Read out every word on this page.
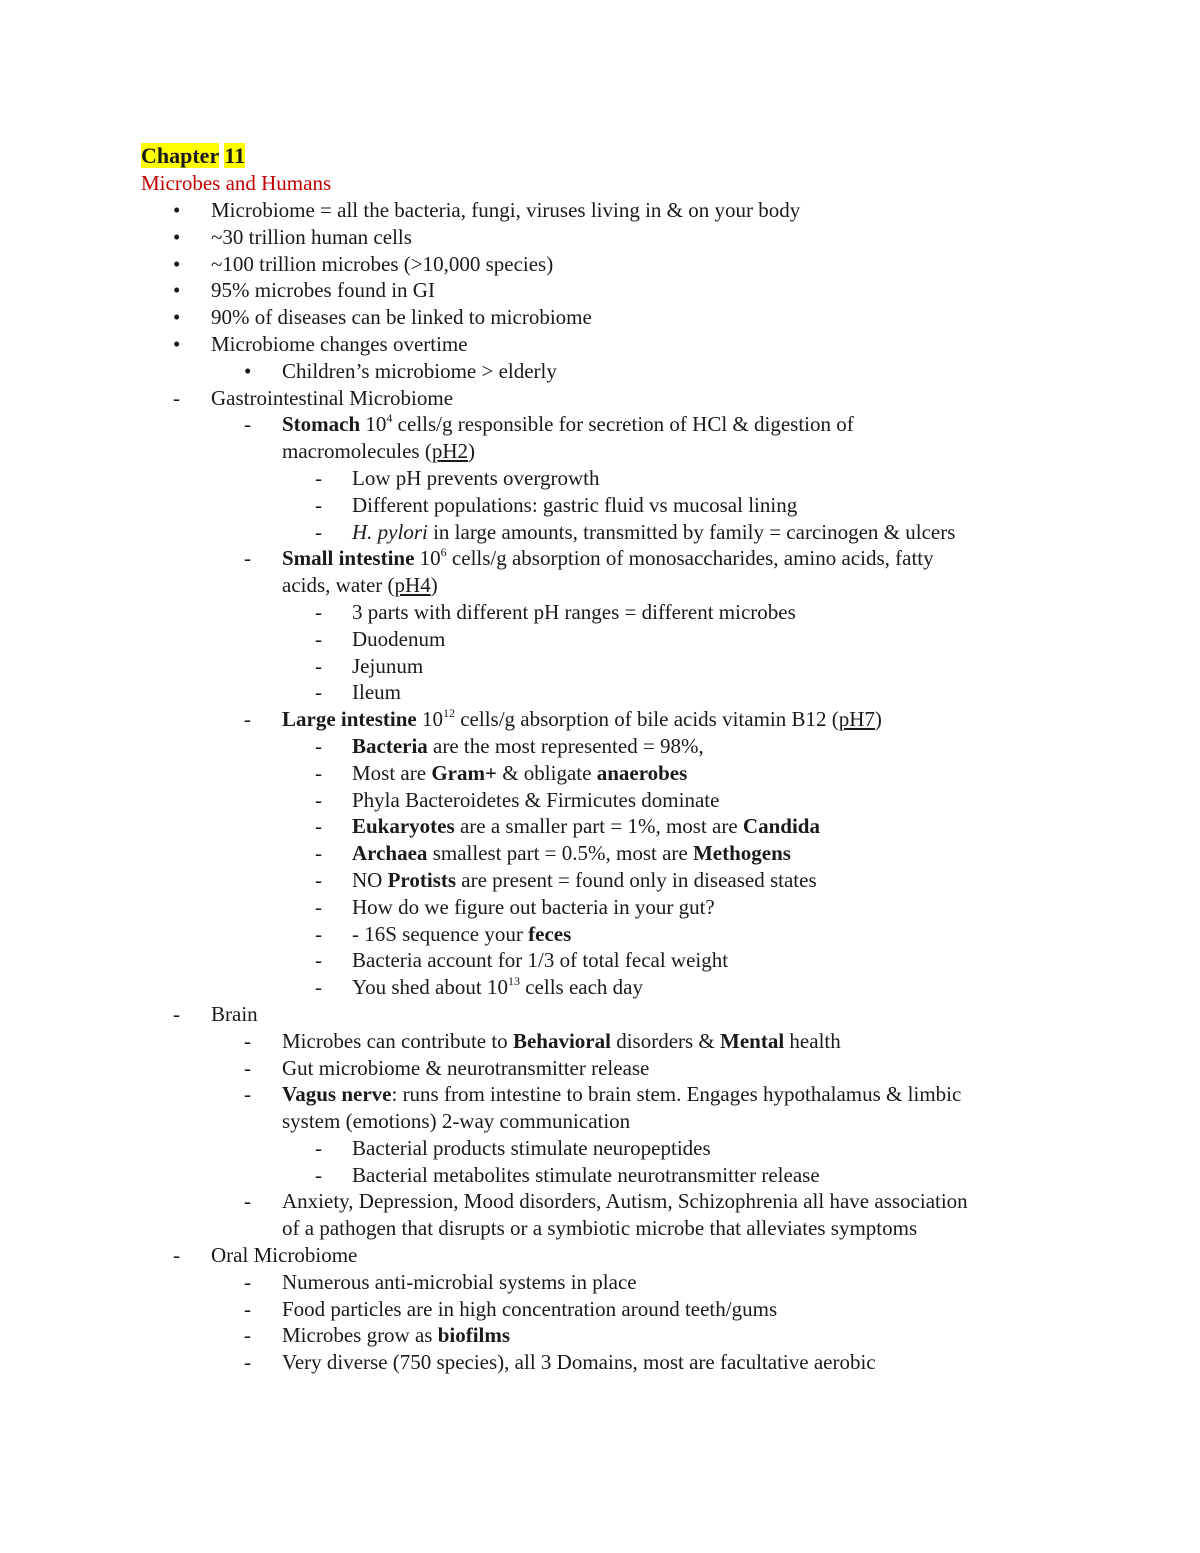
Chapter 11
Microbes and Humans
•	Microbiome = all the bacteria, fungi, viruses living in & on your body
•	~30 trillion human cells
•	~100 trillion microbes (>10,000 species)
•	95% microbes found in GI
•	90% of diseases can be linked to microbiome
•	Microbiome changes overtime
•	Children’s microbiome > elderly
-	Gastrointestinal Microbiome
-	Stomach $10^4$ cells/g responsible for secretion of HCl & digestion of
macromolecules (pH2)
-	Low pH prevents overgrowth
-	Different populations: gastric fluid vs mucosal lining
-	H. pylori in large amounts, transmitted by family = carcinogen & ulcers
-	Small intestine $10^6$ cells/g absorption of monosaccharides, amino acids, fatty
acids, water (pH4)
-	3 parts with different pH ranges = different microbes
-	Duodenum
-	Jejunum
-	Ileum
-	Large intestine $10^{12}$ cells/g absorption of bile acids vitamin B12 (pH7)
-	Bacteria are the most represented = 98%,
-	Most are Gram+ & obligate anaerobes
-	Phyla Bacteroidetes & Firmicutes dominate
-	Eukaryotes are a smaller part = 1%, most are Candida
-	Archaea smallest part = 0.5%, most are Methogens
-	NO Protists are present = found only in diseased states
-	How do we figure out bacteria in your gut?
-	- 16S sequence your feces
-	Bacteria account for 1/3 of total fecal weight
-	You shed about $10^{13}$ cells each day
-	Brain
-	Microbes can contribute to Behavioral disorders & Mental health
-	Gut microbiome & neurotransmitter release
-	Vagus nerve: runs from intestine to brain stem. Engages hypothalamus & limbic
system (emotions) 2-way communication
-	Bacterial products stimulate neuropeptides
-	Bacterial metabolites stimulate neurotransmitter release
-	Anxiety, Depression, Mood disorders, Autism, Schizophrenia all have association
of a pathogen that disrupts or a symbiotic microbe that alleviates symptoms
-	Oral Microbiome
-	Numerous anti-microbial systems in place
-	Food particles are in high concentration around teeth/gums
-	Microbes grow as biofilms
-	Very diverse (750 species), all 3 Domains, most are facultative aerobic
